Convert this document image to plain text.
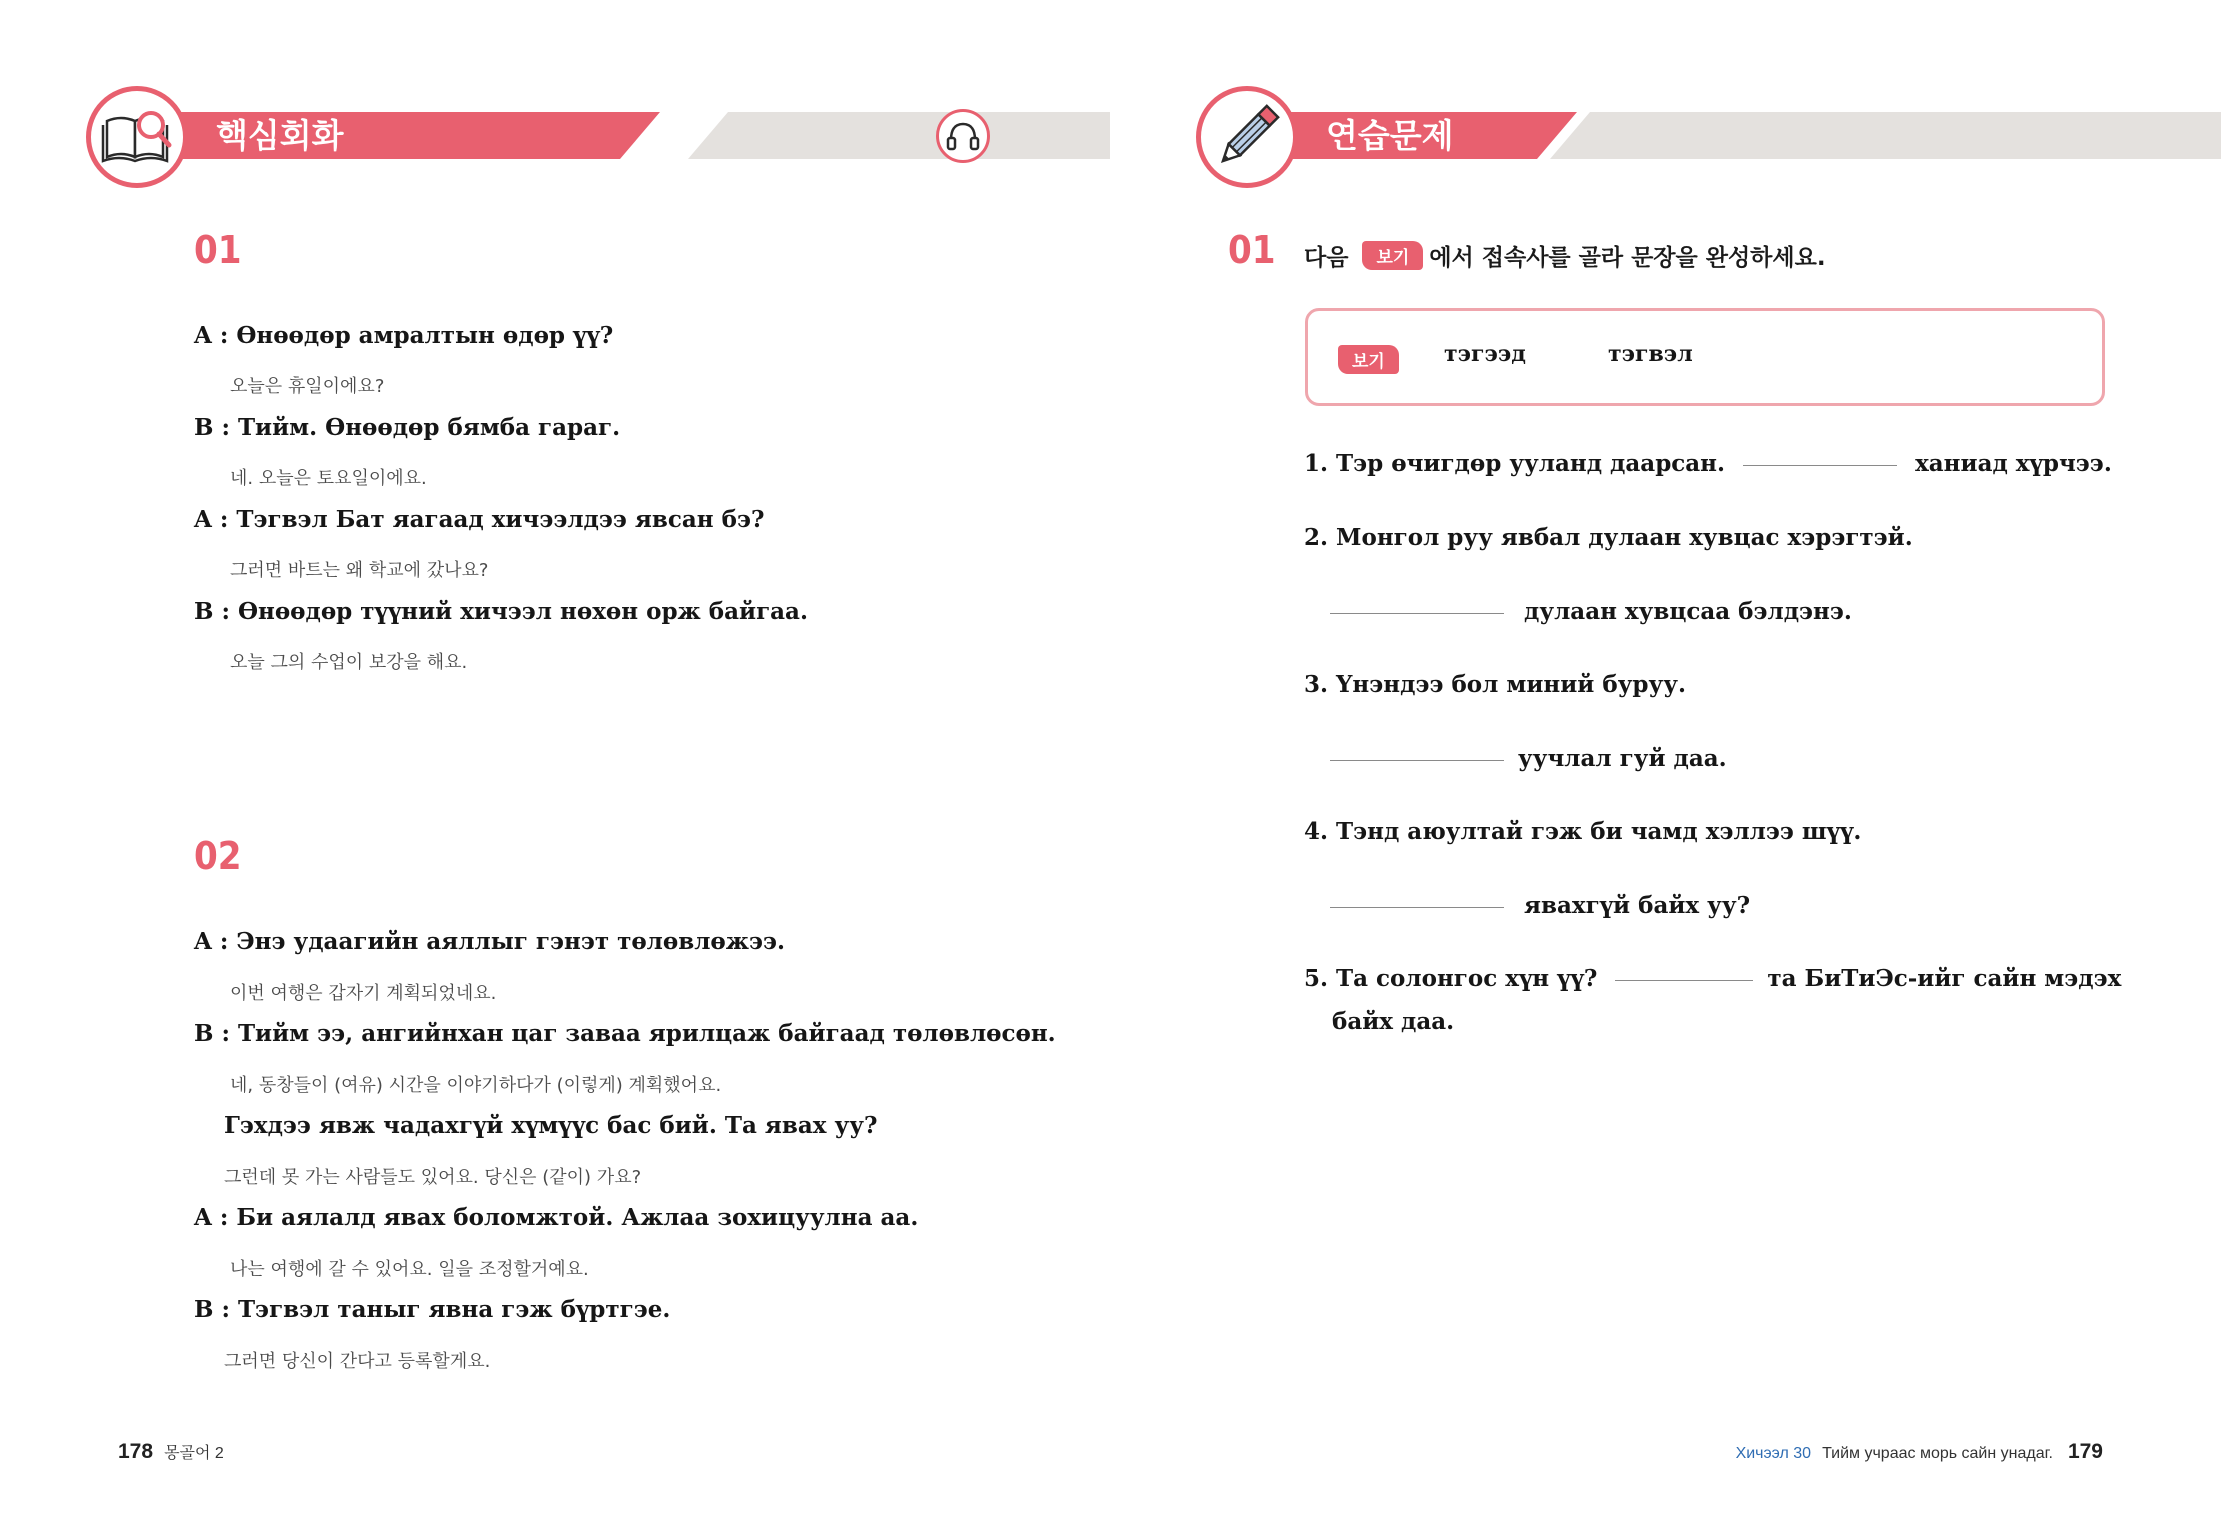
핵심회화
01
A : Өнөөдөр амралтын өдөр үү?
오늘은 휴일이에요?
B : Тийм. Өнөөдөр бямба гараг.
네. 오늘은 토요일이에요.
A : Тэгвэл Бат яагаад хичээлдээ явсан бэ?
그러면 바트는 왜 학교에 갔나요?
B : Өнөөдөр түүний хичээл нөхөн орж байгаа.
오늘 그의 수업이 보강을 해요.
02
A : Энэ удаагийн аяллыг гэнэт төлөвлөжээ.
이번 여행은 갑자기 계획되었네요.
B : Тийм ээ, ангийнхан цаг заваа ярилцаж байгаад төлөвлөсөн.
네, 동창들이 (여유) 시간을 이야기하다가 (이렇게) 계획했어요.
Гэхдээ явж чадахгүй хүмүүс бас бий. Та явах уу?
그런데 못 가는 사람들도 있어요. 당신은 (같이) 가요?
A : Би аялалд явах боломжтой. Ажлаа зохицуулна аа.
나는 여행에 갈 수 있어요. 일을 조정할거예요.
B : Тэгвэл таныг явна гэж бүртгэе.
그러면 당신이 간다고 등록할게요.
178 몽골어 2
연습문제
01 다음 보기 에서 접속사를 골라 문장을 완성하세요.
보기	тэгээд	тэгвэл
1. Тэр өчигдөр ууланд даарсан.	ханиад хүрчээ.
2. Монгол руу явбал дулаан хувцас хэрэгтэй.
дулаан хувцсаа бэлдэнэ.
3. Үнэндээ бол миний буруу.
уучлал гуй даа.
4. Тэнд аюултай гэж би чамд хэллээ шүү.
явахгүй байх уу?
5. Та солонгос хүн үү?	та БиТиЭс-ийг сайн мэдэх
байх даа.
Хичээл 30 Тийм учраас морь сайн унадаг. 179
